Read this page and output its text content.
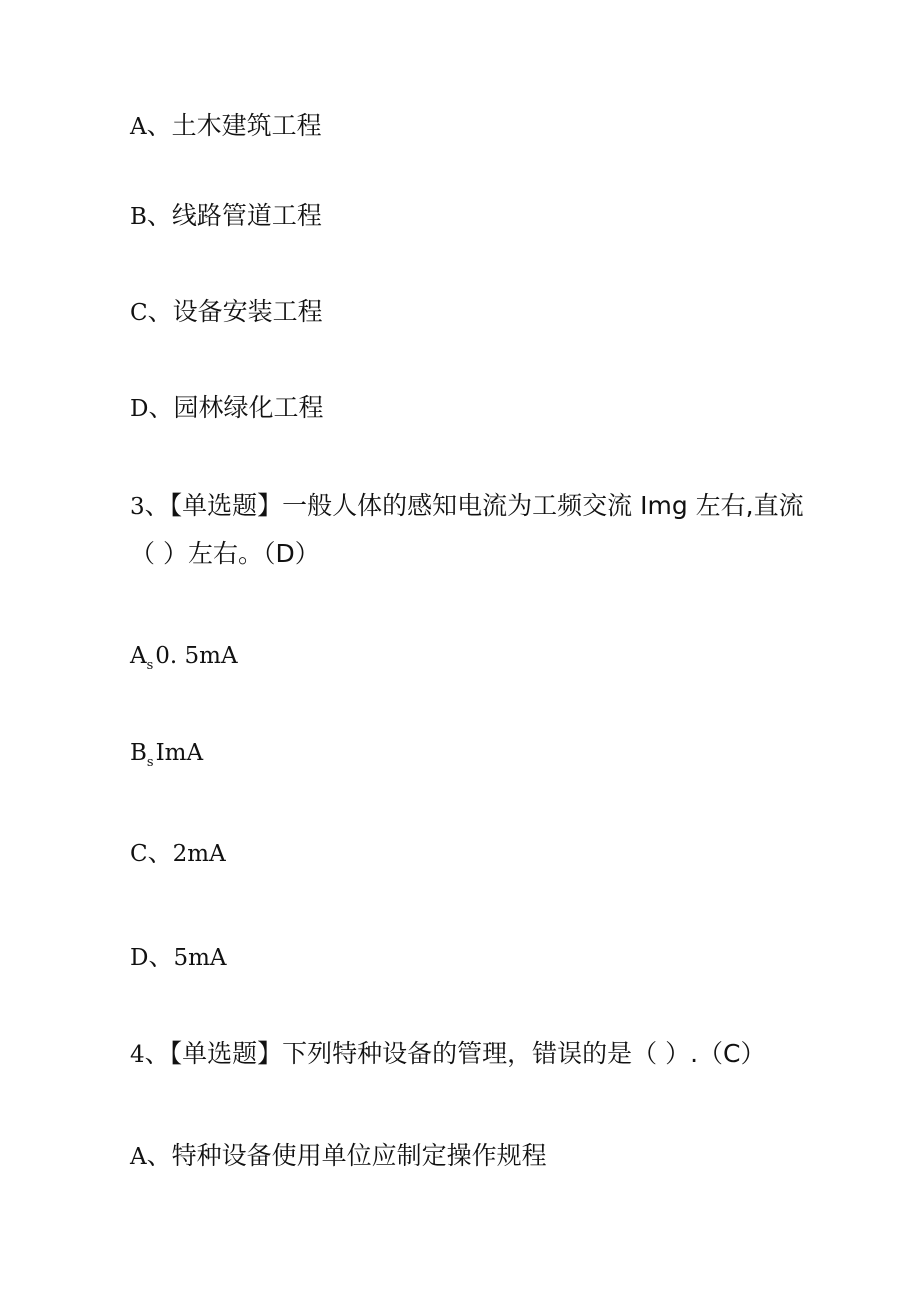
A、土木建筑工程
B、线路管道工程
C、设备安装工程
D、园林绿化工程
3、【单选题】一般人体的感知电流为工频交流 Img 左右,直流
（ ）左右。（D）
$A_s0$. 5mA
$B_sImA$
C、2mA
D、5mA
4、【单选题】下列特种设备的管理，错误的是（ ）.（C）
A、特种设备使用单位应制定操作规程
